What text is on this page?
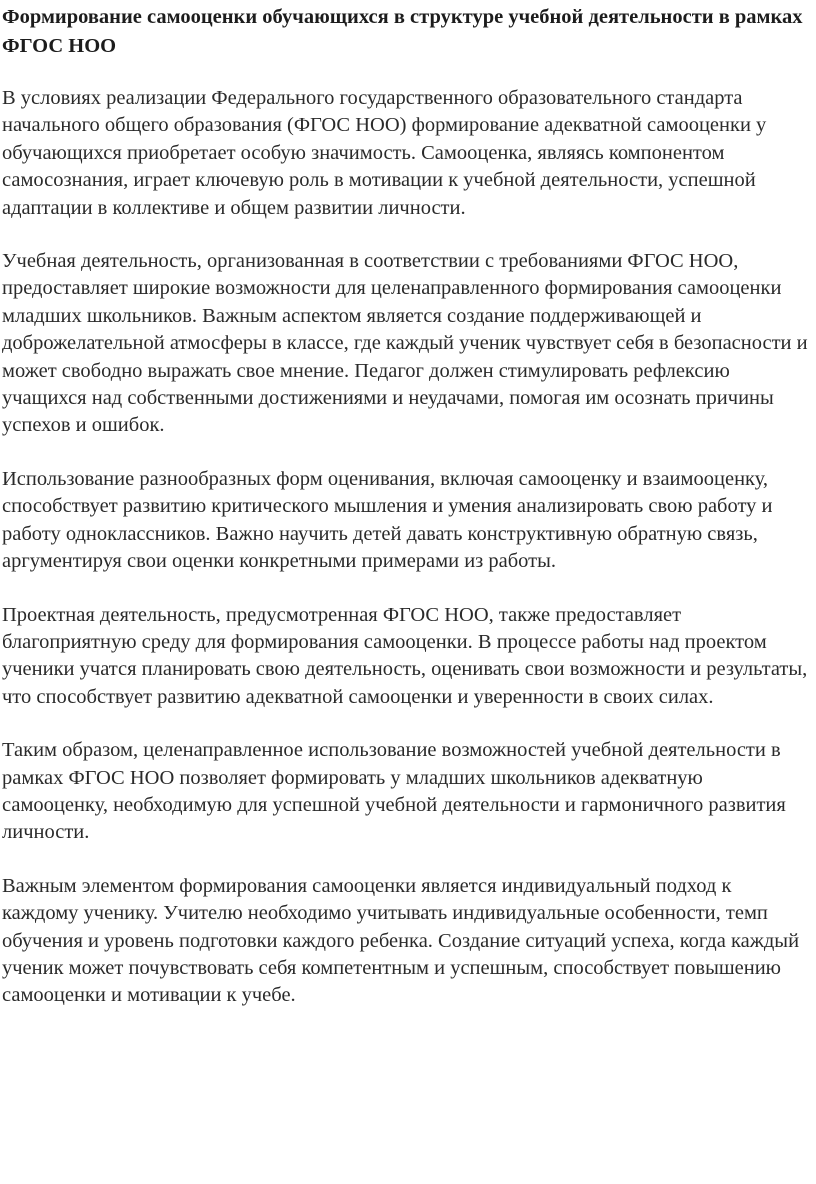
Формирование самооценки обучающихся в структуре учебной деятельности в рамках ФГОС НОО

В условиях реализации Федерального государственного образовательного стандарта начального общего образования (ФГОС НОО) формирование адекватной самооценки у обучающихся приобретает особую значимость. Самооценка, являясь компонентом самосознания, играет ключевую роль в мотивации к учебной деятельности, успешной адаптации в коллективе и общем развитии личности.

Учебная деятельность, организованная в соответствии с требованиями ФГОС НОО, предоставляет широкие возможности для целенаправленного формирования самооценки младших школьников. Важным аспектом является создание поддерживающей и доброжелательной атмосферы в классе, где каждый ученик чувствует себя в безопасности и может свободно выражать свое мнение. Педагог должен стимулировать рефлексию учащихся над собственными достижениями и неудачами, помогая им осознать причины успехов и ошибок.

Использование разнообразных форм оценивания, включая самооценку и взаимооценку, способствует развитию критического мышления и умения анализировать свою работу и работу одноклассников. Важно научить детей давать конструктивную обратную связь, аргументируя свои оценки конкретными примерами из работы.

Проектная деятельность, предусмотренная ФГОС НОО, также предоставляет благоприятную среду для формирования самооценки. В процессе работы над проектом ученики учатся планировать свою деятельность, оценивать свои возможности и результаты, что способствует развитию адекватной самооценки и уверенности в своих силах.

Таким образом, целенаправленное использование возможностей учебной деятельности в рамках ФГОС НОО позволяет формировать у младших школьников адекватную самооценку, необходимую для успешной учебной деятельности и гармоничного развития личности.

Важным элементом формирования самооценки является индивидуальный подход к каждому ученику. Учителю необходимо учитывать индивидуальные особенности, темп обучения и уровень подготовки каждого ребенка. Создание ситуаций успеха, когда каждый ученик может почувствовать себя компетентным и успешным, способствует повышению самооценки и мотивации к учебе.
